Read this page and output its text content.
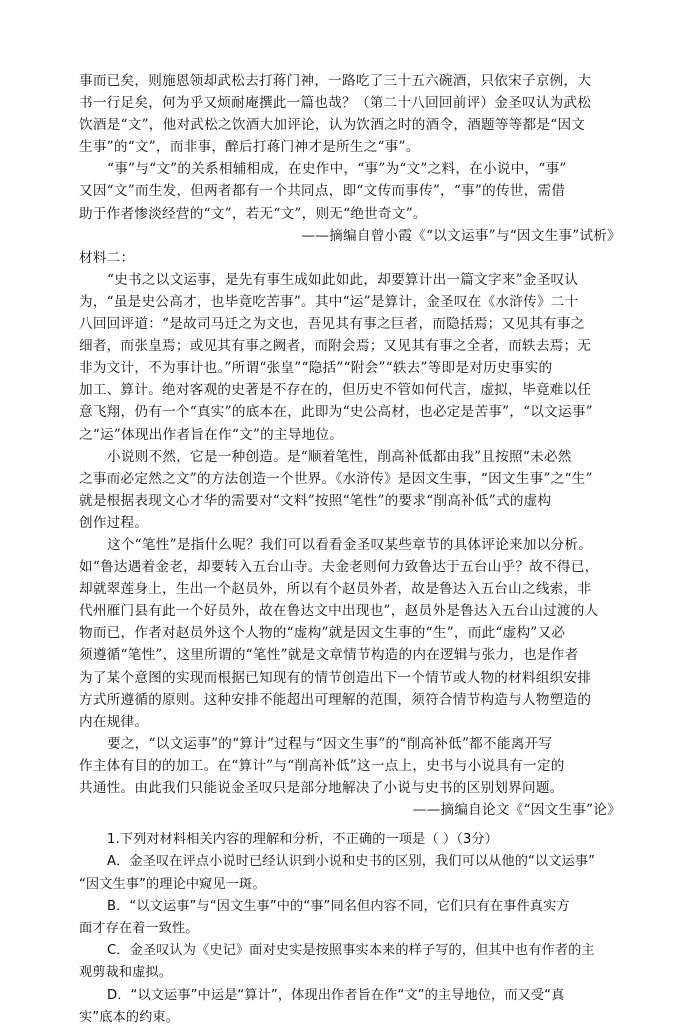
事而已矣，则施恩领却武松去打蒋门神，一路吃了三十五六碗酒，只依宋子京例，大
书一行足矣，何为乎又烦耐庵撰此一篇也哉？（第二十八回回前评）金圣叹认为武松
饮酒是“文”，他对武松之饮酒大加评论，认为饮酒之时的酒令，酒题等等都是“因文
生事”的“文”，而非事，醉后打蒋门神才是所生之“事”。
“事”与“文”的关系相辅相成，在史作中，“事”为“文”之料，在小说中，“事”
又因“文”而生发，但两者都有一个共同点，即“文传而事传”，“事”的传世，需借
助于作者惨淡经营的“文”，若无“文”，则无“绝世奇文”。
——摘编自曾小霞《“以文运事”与“因文生事”试析》
材料二：
“史书之以文运事，是先有事生成如此如此，却要算计出一篇文字来”金圣叹认
为，“虽是史公高才，也毕竟吃苦事”。其中“运”是算计，金圣叹在《水浒传》二十
八回回评道：“是故司马迁之为文也，吾见其有事之巨者，而隐括焉；又见其有事之
细者，而张皇焉；或见其有事之阙者，而附会焉；又见其有事之全者，而轶去焉；无
非为文计，不为事计也。”所谓“张皇”“隐括”“附会”“轶去”等即是对历史事实的
加工、算计。绝对客观的史著是不存在的，但历史不管如何代言，虚拟，毕竟难以任
意飞翔，仍有一个“真实”的底本在，此即为“史公高材，也必定是苦事”，“以文运事”
之“运”体现出作者旨在作“文”的主导地位。
小说则不然，它是一种创造。是“顺着笔性，削高补低都由我”且按照“未必然
之事而必定然之文”的方法创造一个世界。《水浒传》是因文生事，“因文生事”之“生”
就是根据表现文心才华的需要对“文料”按照“笔性”的要求“削高补低”式的虚构
创作过程。
这个“笔性”是指什么呢？我们可以看看金圣叹某些章节的具体评论来加以分析。
如“鲁达遇着金老，却要转入五台山寺。夫金老则何力致鲁达于五台山乎？故不得已，
却就翠莲身上，生出一个赵员外，所以有个赵员外者，故是鲁达入五台山之线索，非
代州雁门县有此一个好员外，故在鲁达文中出现也”，赵员外是鲁达入五台山过渡的人
物而已，作者对赵员外这个人物的“虚构”就是因文生事的“生”，而此“虚构”又必
须遵循“笔性”，这里所谓的“笔性”就是文章情节构造的内在逻辑与张力，也是作者
为了某个意图的实现而根据已知现有的情节创造出下一个情节或人物的材料组织安排
方式所遵循的原则。这种安排不能超出可理解的范围，须符合情节构造与人物塑造的
内在规律。
要之，“以文运事”的“算计”过程与“因文生事”的“削高补低”都不能离开写
作主体有目的的加工。在“算计”与“削高补低”这一点上，史书与小说具有一定的
共通性。由此我们只能说金圣叹只是部分地解决了小说与史书的区别划界问题。
——摘编自论文《“因文生事”论》
1.下列对材料相关内容的理解和分析，不正确的一项是（ ）（3分）
A．金圣叹在评点小说时已经认识到小说和史书的区别，我们可以从他的“以文运事”
“因文生事”的理论中窥见一斑。
B．“以文运事”与“因文生事”中的“事”同名但内容不同，它们只有在事件真实方
面才存在着一致性。
C．金圣叹认为《史记》面对史实是按照事实本来的样子写的，但其中也有作者的主
观剪裁和虚拟。
D．“以文运事”中运是“算计”，体现出作者旨在作“文”的主导地位，而又受“真
实”底本的约束。
